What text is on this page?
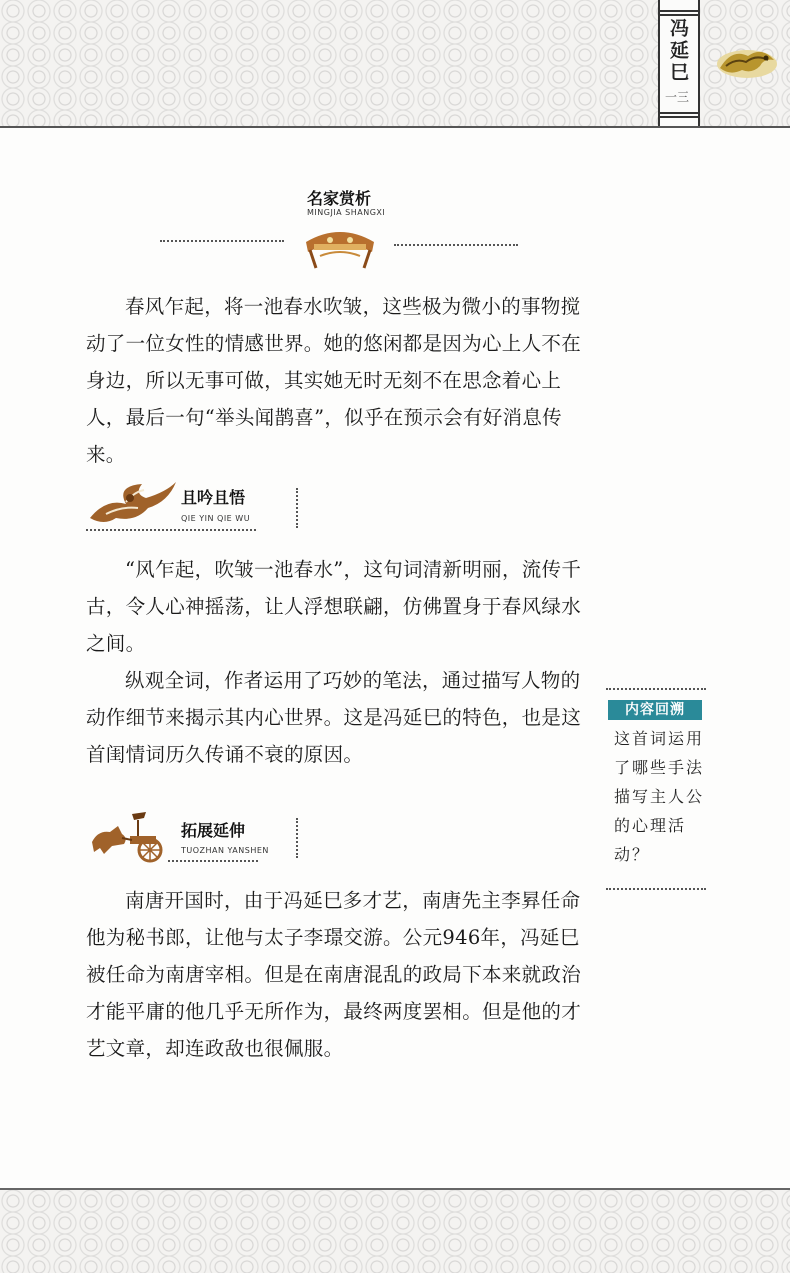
冯延巳
一三
名家赏析
MINGJIA SHANGXI

春风乍起，将一池春水吹皱，这些极为微小的事物搅动了一位女性的情感世界。她的悠闲都是因为心上人不在身边，所以无事可做，其实她无时无刻不在思念着心上人，最后一句“举头闻鹊喜”，似乎在预示会有好消息传来。

且吟且悟
QIE YIN QIE WU

“风乍起，吹皱一池春水”，这句词清新明丽，流传千古，令人心神摇荡，让人浮想联翩，仿佛置身于春风绿水之间。

纵观全词，作者运用了巧妙的笔法，通过描写人物的动作细节来揭示其内心世界。这是冯延巳的特色，也是这首闺情词历久传诵不衰的原因。

内容回溯

这首词运用了哪些手法描写主人公的心理活动？

拓展延伸
TUOZHAN YANSHEN

南唐开国时，由于冯延巳多才艺，南唐先主李昪任命他为秘书郎，让他与太子李璟交游。公元946年，冯延巳被任命为南唐宰相。但是在南唐混乱的政局下本来就政治才能平庸的他几乎无所作为，最终两度罢相。但是他的才艺文章，却连政敌也很佩服。
